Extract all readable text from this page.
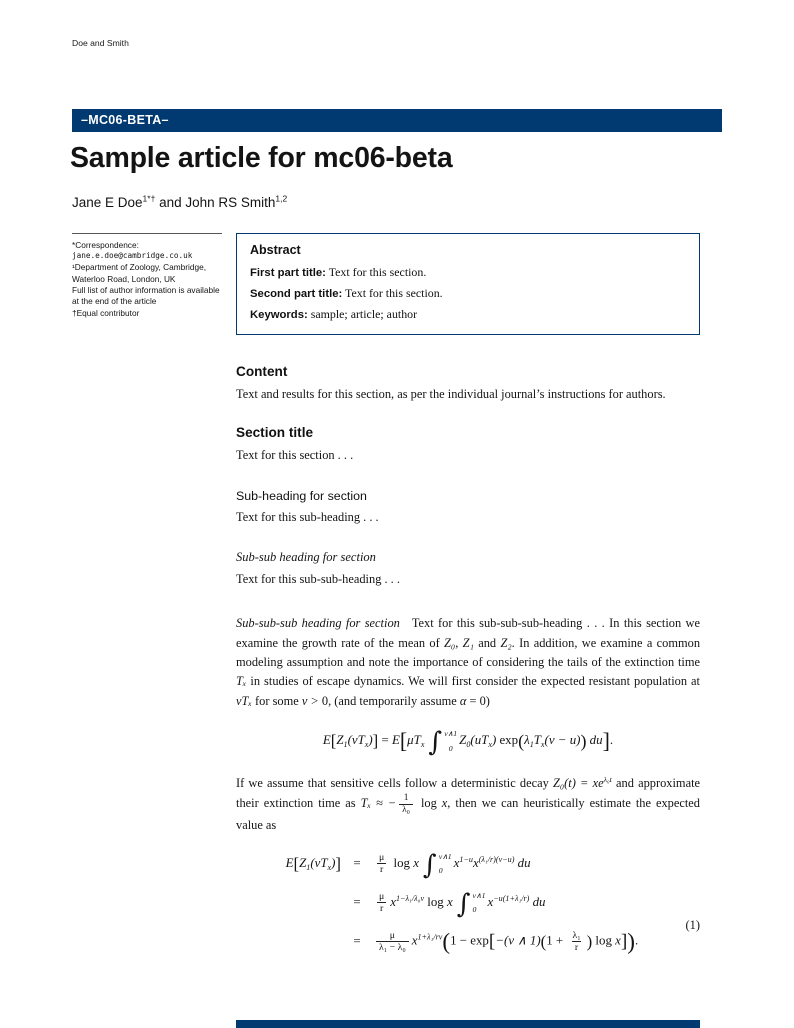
Doe and Smith
–MC06-BETA–
Sample article for mc06-beta
Jane E Doe$^{1*\dagger}$ and John RS Smith$^{1,2}$
*Correspondence:
jane.e.doe@cambridge.co.uk
¹Department of Zoology, Cambridge, Waterloo Road, London, UK
Full list of author information is available at the end of the article
†Equal contributor
Abstract
First part title: Text for this section.
Second part title: Text for this section.
Keywords: sample; article; author
Content

Text and results for this section, as per the individual journal’s instructions for authors.

Section title

Text for this section . . .

Sub-heading for section

Text for this sub-heading . . .

Sub-sub heading for section

Text for this sub-sub-heading . . .

Sub-sub-sub heading for section Text for this sub-sub-sub-heading . . . In this section we examine the growth rate of the mean of Z₀, Z₁ and Z₂. In addition, we examine a common modeling assumption and note the importance of considering the tails of the extinction time Tₓ in studies of escape dynamics. We will first consider the expected resistant population at vTₓ for some v > 0, (and temporarily assume α = 0)

$E[Z_1(vT_x)] = E[\mu T_x$ ∫ v∧1
0
$Z_0(uT_x) \exp(\lambda_1T_x(v - u))$ du].

If we assume that sensitive cells follow a deterministic decay $Z_0(t) = xe^{\lambda_0t}$ and approximate their extinction time as Tₓ ≈ − $\frac{1}{\text{λ₀}}$ log x, then we can heuristically estimate the expected value as

$E[Z_1(vT_x)]$ =	$\frac{\mu}{r}$ log x ∫ v∧1
0
$x^{1-u}x^{(\lambda_1/r)(v-u)}$ du
=	$\frac{\mu}{r} x^{1-\lambda_1/\lambda_0v}$ log x ∫ v∧1
0
$x^{-u(1+\lambda_1/r)}$ du
=	$\frac{\mu}{\text{λ₁ − λ₀}} x^{1+\lambda_1/rv}(1 - \exp[-(v$ ∧ $1)(1 + \frac{\text{λ₁}}{r}$ ) log x]).
(1)
